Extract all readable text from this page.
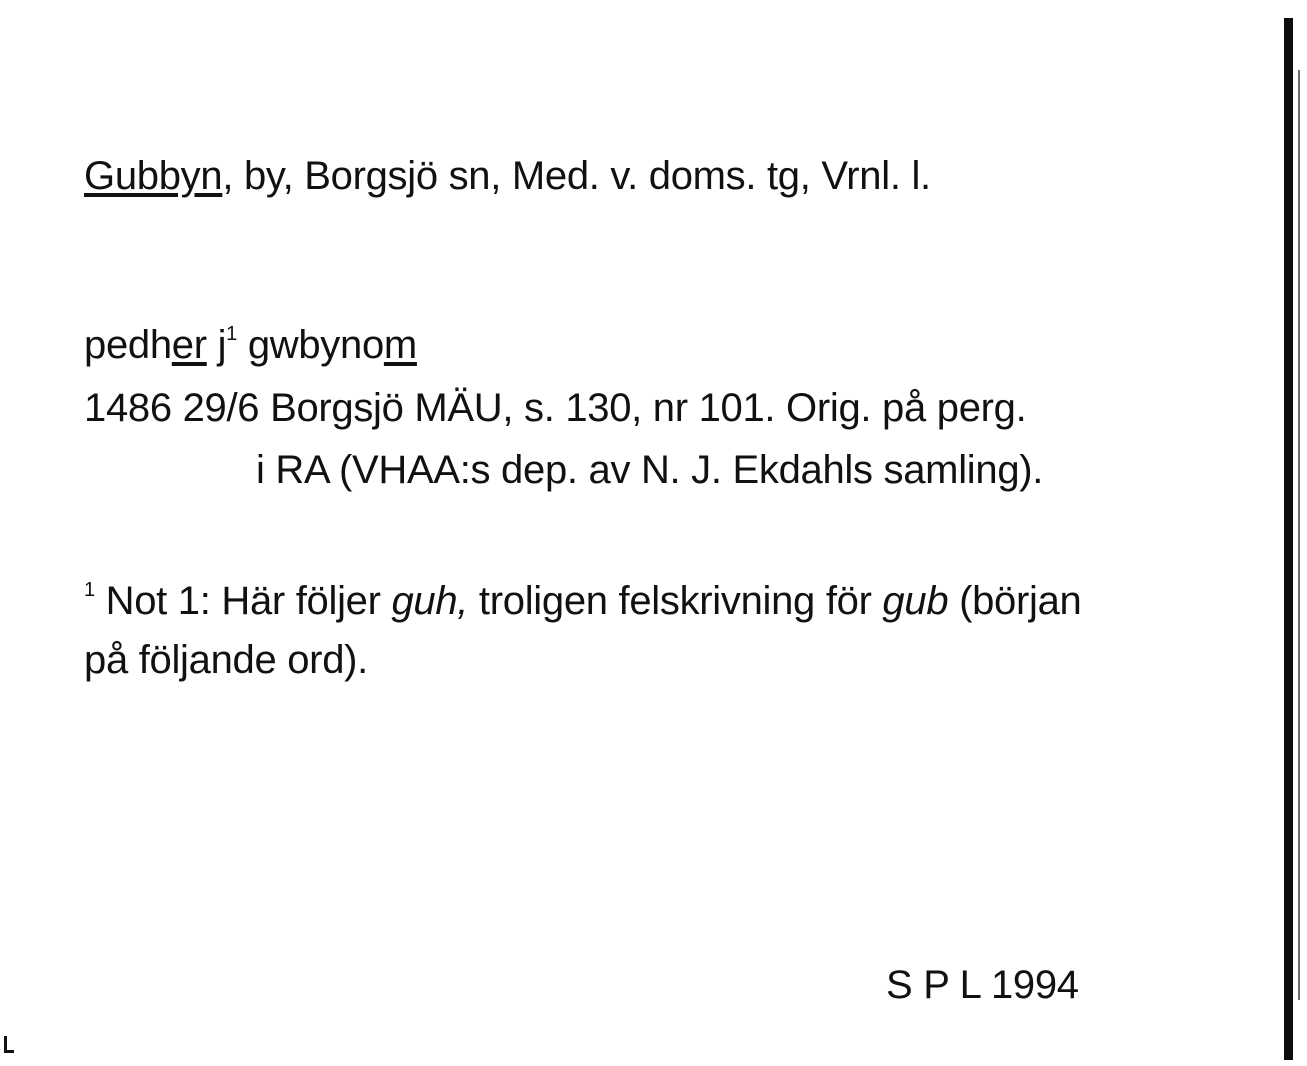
Gubbyn, by, Borgsjö sn, Med. v. doms. tg, Vrnl. l.
pedher $j^1$ gwbynom
1486 29/6 Borgsjö MÄU, s. 130, nr 101. Orig. på perg.
i RA (VHAA:s dep. av N. J. Ekdahls samling).
$^1$ Not 1: Här följer guh, troligen felskrivning för gub (början
på följande ord).
S P L 1994
